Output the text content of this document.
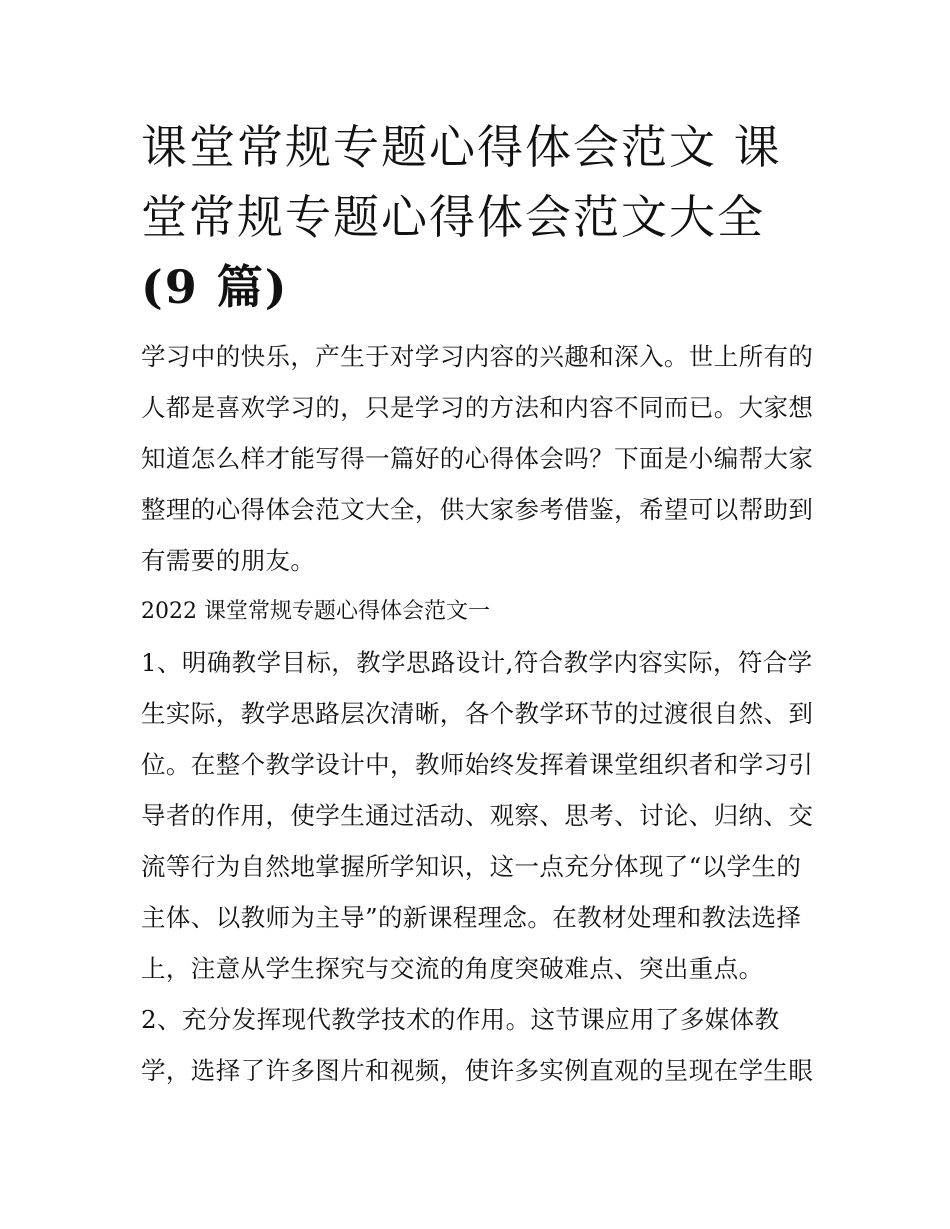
课堂常规专题心得体会范文 课
堂常规专题心得体会范文大全
(9 篇)

学习中的快乐，产生于对学习内容的兴趣和深入。世上所有的

人都是喜欢学习的，只是学习的方法和内容不同而已。大家想

知道怎么样才能写得一篇好的心得体会吗？下面是小编帮大家

整理的心得体会范文大全，供大家参考借鉴，希望可以帮助到

有需要的朋友。

2022 课堂常规专题心得体会范文一

1、明确教学目标，教学思路设计,符合教学内容实际，符合学

生实际，教学思路层次清晰，各个教学环节的过渡很自然、到

位。在整个教学设计中，教师始终发挥着课堂组织者和学习引

导者的作用，使学生通过活动、观察、思考、讨论、归纳、交

流等行为自然地掌握所学知识，这一点充分体现了“以学生的

主体、以教师为主导”的新课程理念。在教材处理和教法选择

上，注意从学生探究与交流的角度突破难点、突出重点。

2、充分发挥现代教学技术的作用。这节课应用了多媒体教

学，选择了许多图片和视频，使许多实例直观的呈现在学生眼
